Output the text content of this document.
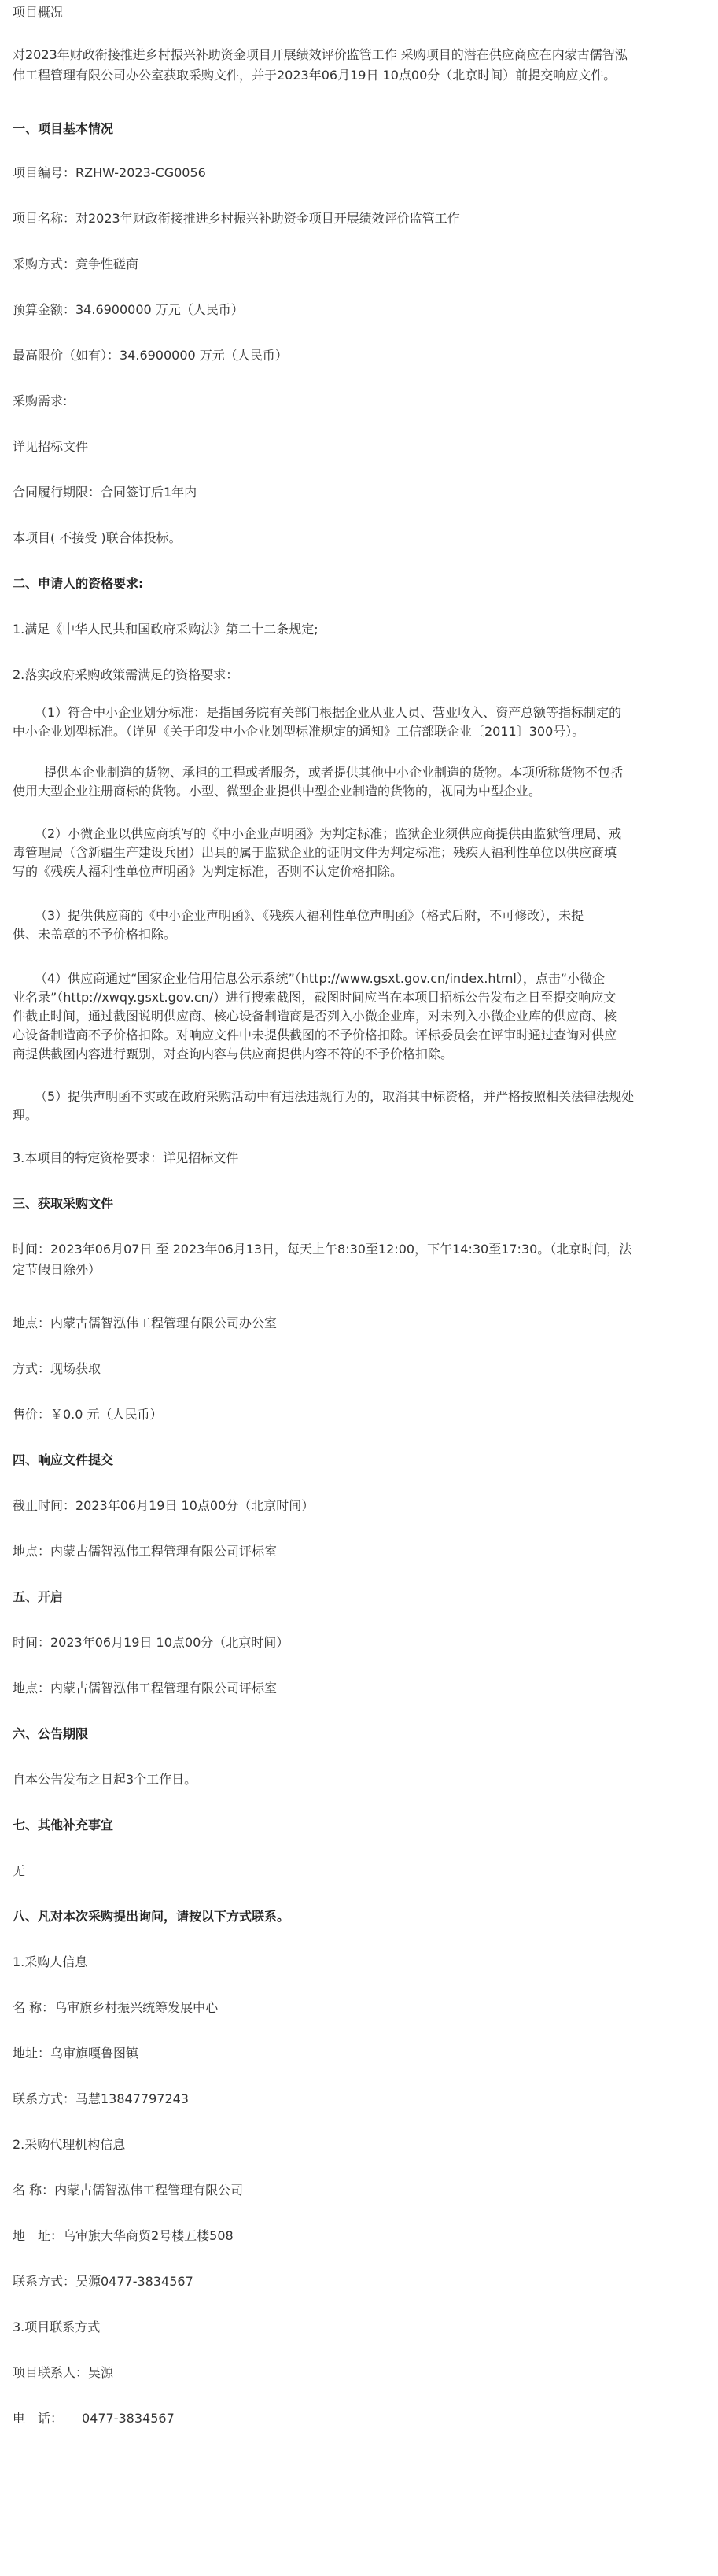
项目概况
对2023年财政衔接推进乡村振兴补助资金项目开展绩效评价监管工作 采购项目的潜在供应商应在内蒙古儒智泓
伟工程管理有限公司办公室获取采购文件，并于2023年06月19日 10点00分（北京时间）前提交响应文件。
一、项目基本情况
项目编号：RZHW-2023-CG0056
项目名称：对2023年财政衔接推进乡村振兴补助资金项目开展绩效评价监管工作
采购方式：竞争性磋商
预算金额：34.6900000 万元（人民币）
最高限价（如有）：34.6900000 万元（人民币）
采购需求:
详见招标文件
合同履行期限：合同签订后1年内
本项目( 不接受 )联合体投标。
二、申请人的资格要求:
1.满足《中华人民共和国政府采购法》第二十二条规定;
2.落实政府采购政策需满足的资格要求：
（1）符合中小企业划分标准：是指国务院有关部门根据企业从业人员、营业收入、资产总额等指标制定的
中小企业划型标准。（详见《关于印发中小企业划型标准规定的通知》工信部联企业〔2011〕300号）。
提供本企业制造的货物、承担的工程或者服务，或者提供其他中小企业制造的货物。本项所称货物不包括
使用大型企业注册商标的货物。小型、微型企业提供中型企业制造的货物的，视同为中型企业。
（2）小微企业以供应商填写的《中小企业声明函》为判定标准；监狱企业须供应商提供由监狱管理局、戒
毒管理局（含新疆生产建设兵团）出具的属于监狱企业的证明文件为判定标准；残疾人福利性单位以供应商填
写的《残疾人福利性单位声明函》为判定标准，否则不认定价格扣除。
（3）提供供应商的《中小企业声明函》、《残疾人福利性单位声明函》（格式后附，不可修改），未提
供、未盖章的不予价格扣除。
（4）供应商通过“国家企业信用信息公示系统”（http://www.gsxt.gov.cn/index.html），点击“小微企
业名录”（http://xwqy.gsxt.gov.cn/）进行搜索截图，截图时间应当在本项目招标公告发布之日至提交响应文
件截止时间，通过截图说明供应商、核心设备制造商是否列入小微企业库，对未列入小微企业库的供应商、核
心设备制造商不予价格扣除。对响应文件中未提供截图的不予价格扣除。评标委员会在评审时通过查询对供应
商提供截图内容进行甄别，对查询内容与供应商提供内容不符的不予价格扣除。
（5）提供声明函不实或在政府采购活动中有违法违规行为的，取消其中标资格，并严格按照相关法律法规处
理。
3.本项目的特定资格要求：详见招标文件
三、获取采购文件
时间：2023年06月07日 至 2023年06月13日，每天上午8:30至12:00，下午14:30至17:30。（北京时间，法
定节假日除外）
地点：内蒙古儒智泓伟工程管理有限公司办公室
方式：现场获取
售价：￥0.0 元（人民币）
四、响应文件提交
截止时间：2023年06月19日 10点00分（北京时间）
地点：内蒙古儒智泓伟工程管理有限公司评标室
五、开启
时间：2023年06月19日 10点00分（北京时间）
地点：内蒙古儒智泓伟工程管理有限公司评标室
六、公告期限
自本公告发布之日起3个工作日。
七、其他补充事宜
无
八、凡对本次采购提出询问，请按以下方式联系。
1.采购人信息
名 称：乌审旗乡村振兴统筹发展中心
地址：乌审旗嘎鲁图镇
联系方式：马慧13847797243
2.采购代理机构信息
名 称：内蒙古儒智泓伟工程管理有限公司
地　址：乌审旗大华商贸2号楼五楼508
联系方式：吴源0477-3834567
3.项目联系方式
项目联系人：吴源
电　话：　　0477-3834567
